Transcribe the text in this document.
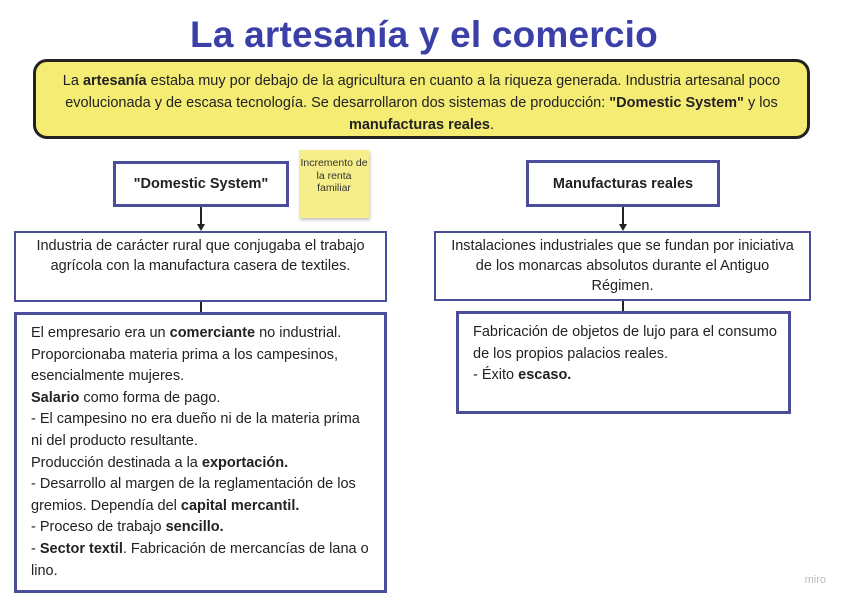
La artesanía y el comercio
La artesanía estaba muy por debajo de la agricultura en cuanto a la riqueza generada. Industria artesanal poco evolucionada y de escasa tecnología. Se desarrollaron dos sistemas de producción: "Domestic System" y los manufacturas reales.
"Domestic System"
Incremento de la renta familiar
Industria de carácter rural que conjugaba el trabajo agrícola con la manufactura casera de textiles.

El empresario era un comerciante no industrial. Proporcionaba materia prima a los campesinos, esencialmente mujeres.

Salario como forma de pago.

- El campesino no era dueño ni de la materia prima ni del producto resultante.

Producción destinada a la exportación.

- Desarrollo al margen de la reglamentación de los gremios. Dependía del capital mercantil.

- Proceso de trabajo sencillo.

- Sector textil. Fabricación de mercancías de lana o lino.

Manufacturas reales
Instalaciones industriales que se fundan por iniciativa de los monarcas absolutos durante el Antiguo Régimen.

Fabricación de objetos de lujo para el consumo de los propios palacios reales.

- Éxito escaso.

miro
